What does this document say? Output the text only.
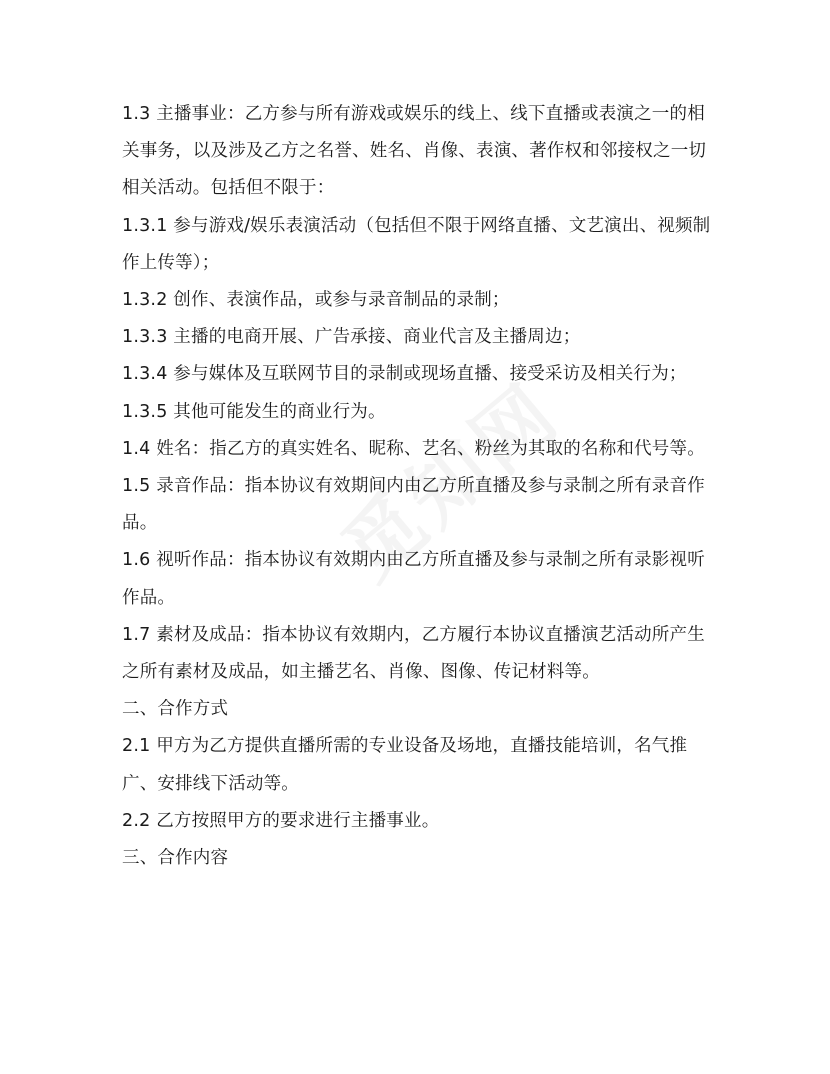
1.3 主播事业：乙方参与所有游戏或娱乐的线上、线下直播或表演之一的相关事务，以及涉及乙方之名誉、姓名、肖像、表演、著作权和邻接权之一切相关活动。包括但不限于：

1.3.1 参与游戏/娱乐表演活动（包括但不限于网络直播、文艺演出、视频制作上传等）；

1.3.2 创作、表演作品，或参与录音制品的录制；

1.3.3 主播的电商开展、广告承接、商业代言及主播周边；

1.3.4 参与媒体及互联网节目的录制或现场直播、接受采访及相关行为；

1.3.5 其他可能发生的商业行为。

1.4 姓名：指乙方的真实姓名、昵称、艺名、粉丝为其取的名称和代号等。

1.5 录音作品：指本协议有效期间内由乙方所直播及参与录制之所有录音作品。

1.6 视听作品：指本协议有效期内由乙方所直播及参与录制之所有录影视听作品。

1.7 素材及成品：指本协议有效期内，乙方履行本协议直播演艺活动所产生之所有素材及成品，如主播艺名、肖像、图像、传记材料等。

二、合作方式

2.1 甲方为乙方提供直播所需的专业设备及场地，直播技能培训，名气推广、安排线下活动等。

2.2 乙方按照甲方的要求进行主播事业。

三、合作内容
